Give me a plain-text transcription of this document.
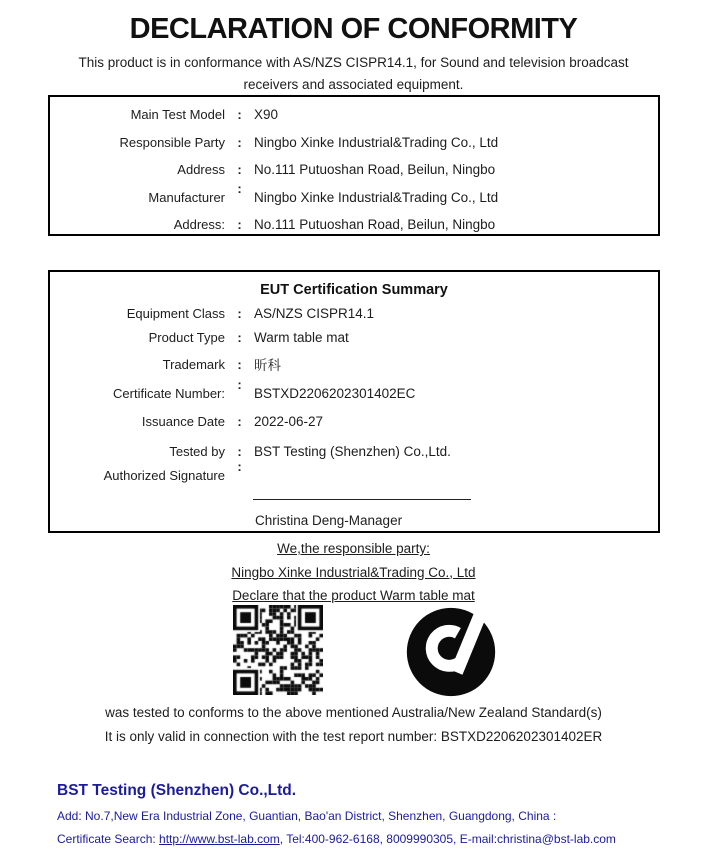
DECLARATION OF CONFORMITY
This product is in conformance with AS/NZS CISPR14.1, for Sound and television broadcast
receivers and associated equipment.
Main Test Model : X90
Responsible Party : Ningbo Xinke Industrial&Trading Co., Ltd
Address : No.111 Putuoshan Road, Beilun, Ningbo
Manufacturer
:
Ningbo Xinke Industrial&Trading Co., Ltd
Address: : No.111 Putuoshan Road, Beilun, Ningbo
EUT Certification Summary
Equipment Class : AS/NZS CISPR14.1
Product Type : Warm table mat
Trademark : 昕科
Certificate Number:
:
BSTXD2206202301402EC
Issuance Date : 2022-06-27
Tested by : BST Testing (Shenzhen) Co.,Ltd.
Authorized Signature
:
Christina Deng-Manager
We,the responsible party:
Ningbo Xinke Industrial&Trading Co., Ltd
Declare that the product Warm table mat
was tested to conforms to the above mentioned Australia/New Zealand Standard(s)
It is only valid in connection with the test report number: BSTXD2206202301402ER
BST Testing (Shenzhen) Co.,Ltd.
Add: No.7,New Era Industrial Zone, Guantian, Bao'an District, Shenzhen, Guangdong, China :
Certificate Search: http://www.bst-lab.com, Tel:400-962-6168, 8009990305, E-mail:christina@bst-lab.com
